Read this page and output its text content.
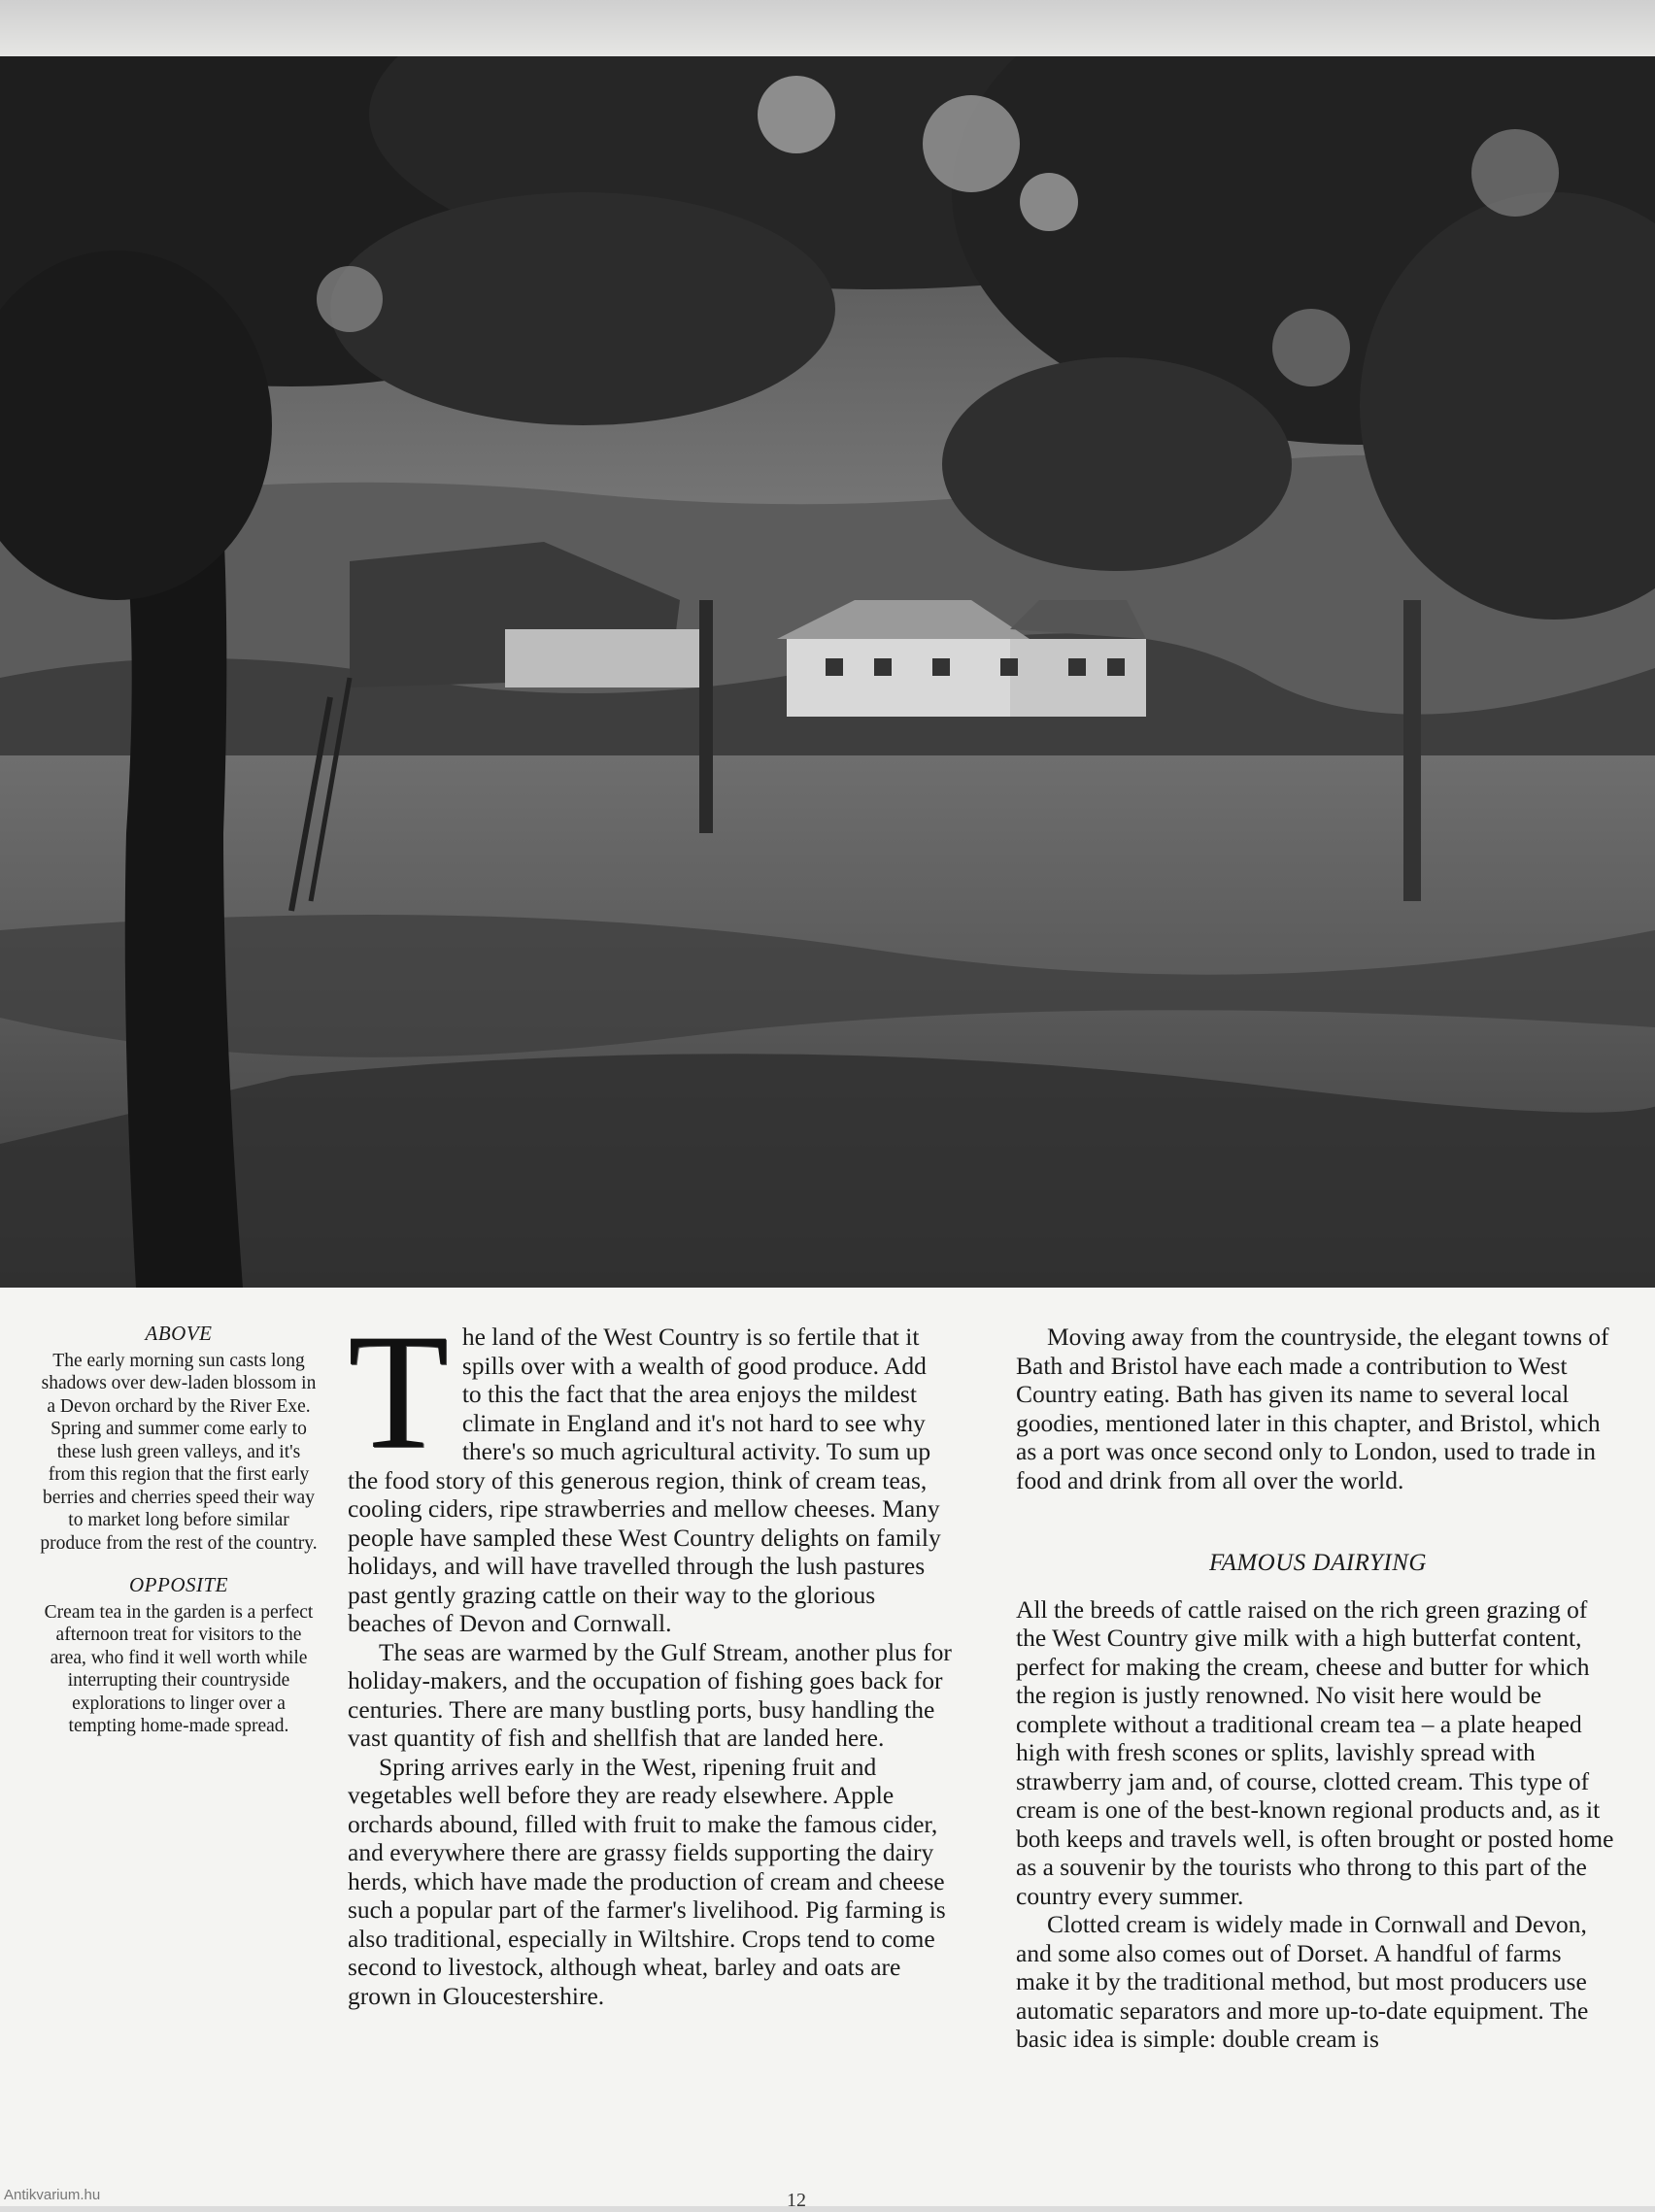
ABOVE

The early morning sun casts long shadows over dew-laden blossom in a Devon orchard by the River Exe. Spring and summer come early to these lush green valleys, and it's from this region that the first early berries and cherries speed their way to market long before similar produce from the rest of the country.

OPPOSITE

Cream tea in the garden is a perfect afternoon treat for visitors to the area, who find it well worth while interrupting their countryside explorations to linger over a tempting home-made spread.

The land of the West Country is so fertile that it spills over with a wealth of good produce. Add to this the fact that the area enjoys the mildest climate in England and it's not hard to see why there's so much agricultural activity. To sum up the food story of this generous region, think of cream teas, cooling ciders, ripe strawberries and mellow cheeses. Many people have sampled these West Country delights on family holidays, and will have travelled through the lush pastures past gently grazing cattle on their way to the glorious beaches of Devon and Cornwall.

The seas are warmed by the Gulf Stream, another plus for holiday-makers, and the occupation of fishing goes back for centuries. There are many bustling ports, busy handling the vast quantity of fish and shellfish that are landed here.

Spring arrives early in the West, ripening fruit and vegetables well before they are ready elsewhere. Apple orchards abound, filled with fruit to make the famous cider, and everywhere there are grassy fields supporting the dairy herds, which have made the production of cream and cheese such a popular part of the farmer's livelihood. Pig farming is also traditional, especially in Wiltshire. Crops tend to come second to livestock, although wheat, barley and oats are grown in Gloucestershire.

Moving away from the countryside, the elegant towns of Bath and Bristol have each made a contribution to West Country eating. Bath has given its name to several local goodies, mentioned later in this chapter, and Bristol, which as a port was once second only to London, used to trade in food and drink from all over the world.

FAMOUS DAIRYING

All the breeds of cattle raised on the rich green grazing of the West Country give milk with a high butterfat content, perfect for making the cream, cheese and butter for which the region is justly renowned. No visit here would be complete without a traditional cream tea – a plate heaped high with fresh scones or splits, lavishly spread with strawberry jam and, of course, clotted cream. This type of cream is one of the best-known regional products and, as it both keeps and travels well, is often brought or posted home as a souvenir by the tourists who throng to this part of the country every summer.

Clotted cream is widely made in Cornwall and Devon, and some also comes out of Dorset. A handful of farms make it by the traditional method, but most producers use automatic separators and more up-to-date equipment. The basic idea is simple: double cream is

12
Antikvarium.hu
